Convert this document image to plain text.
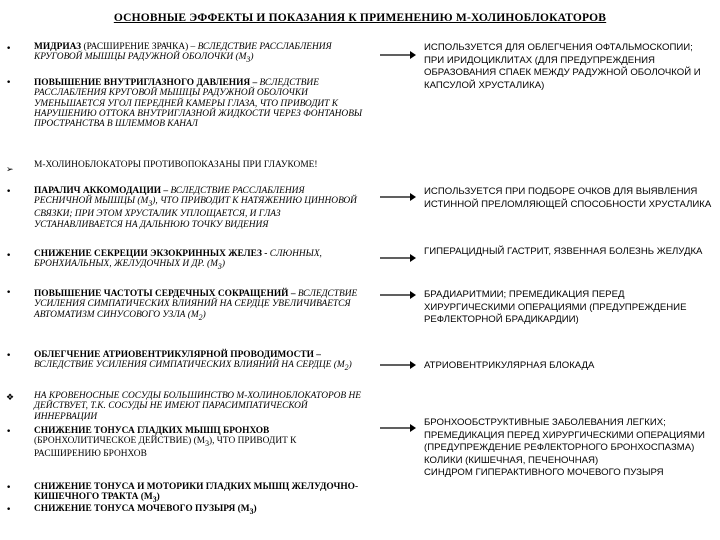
ОСНОВНЫЕ ЭФФЕКТЫ И ПОКАЗАНИЯ К ПРИМЕНЕНИЮ М-ХОЛИНОБЛОКАТОРОВ
•
•
➢
•
•
•
•
❖
•
•
•
МИДРИАЗ (РАСШИРЕНИЕ ЗРАЧКА) – ВСЛЕДСТВИЕ РАССЛАБЛЕНИЯ КРУГОВОЙ МЫШЦЫ РАДУЖНОЙ ОБОЛОЧКИ $(М_3)$
ПОВЫШЕНИЕ ВНУТРИГЛАЗНОГО ДАВЛЕНИЯ – ВСЛЕДСТВИЕ РАССЛАБЛЕНИЯ КРУГОВОЙ МЫШЦЫ РАДУЖНОЙ ОБОЛОЧКИ УМЕНЬШАЕТСЯ УГОЛ ПЕРЕДНЕЙ КАМЕРЫ ГЛАЗА, ЧТО ПРИВОДИТ К НАРУШЕНИЮ ОТТОКА ВНУТРИГЛАЗНОЙ ЖИДКОСТИ ЧЕРЕЗ ФОНТАНОВЫ ПРОСТРАНСТВА В ШЛЕММОВ КАНАЛ
М-ХОЛИНОБЛОКАТОРЫ ПРОТИВОПОКАЗАНЫ ПРИ ГЛАУКОМЕ!
ПАРАЛИЧ АККОМОДАЦИИ – ВСЛЕДСТВИЕ РАССЛАБЛЕНИЯ РЕСНИЧНОЙ МЫШЦЫ $(М_3)$, ЧТО ПРИВОДИТ К НАТЯЖЕНИЮ ЦИННОВОЙ СВЯЗКИ; ПРИ ЭТОМ ХРУСТАЛИК УПЛОЩАЕТСЯ, И ГЛАЗ УСТАНАВЛИВАЕТСЯ НА ДАЛЬНЮЮ ТОЧКУ ВИДЕНИЯ
СНИЖЕНИЕ СЕКРЕЦИИ ЭКЗОКРИННЫХ ЖЕЛЕЗ - СЛЮННЫХ, БРОНХИАЛЬНЫХ, ЖЕЛУДОЧНЫХ И ДР. $(М_3)$
ПОВЫШЕНИЕ ЧАСТОТЫ СЕРДЕЧНЫХ СОКРАЩЕНИЙ – ВСЛЕДСТВИЕ УСИЛЕНИЯ СИМПАТИЧЕСКИХ ВЛИЯНИЙ НА СЕРДЦЕ УВЕЛИЧИВАЕТСЯ АВТОМАТИЗМ СИНУСОВОГО УЗЛА $(М_2)$
ОБЛЕГЧЕНИЕ АТРИОВЕНТРИКУЛЯРНОЙ ПРОВОДИМОСТИ – ВСЛЕДСТВИЕ УСИЛЕНИЯ СИМПАТИЧЕСКИХ ВЛИЯНИЙ НА СЕРДЦЕ $(М_2)$
НА КРОВЕНОСНЫЕ СОСУДЫ БОЛЬШИНСТВО М-ХОЛИНОБЛОКАТОРОВ НЕ ДЕЙСТВУЕТ, Т.К. СОСУДЫ НЕ ИМЕЮТ ПАРАСИМПАТИЧЕСКОЙ ИННЕРВАЦИИ
СНИЖЕНИЕ ТОНУСА ГЛАДКИХ МЫШЦ БРОНХОВ (БРОНХОЛИТИЧЕСКОЕ ДЕЙСТВИЕ) $(М_3)$, ЧТО ПРИВОДИТ К РАСШИРЕНИЮ БРОНХОВ
СНИЖЕНИЕ ТОНУСА И МОТОРИКИ ГЛАДКИХ МЫШЦ ЖЕЛУДОЧНО-КИШЕЧНОГО ТРАКТА $(М_3)$
СНИЖЕНИЕ ТОНУСА МОЧЕВОГО ПУЗЫРЯ $(М_3)$
ИСПОЛЬЗУЕТСЯ ДЛЯ ОБЛЕГЧЕНИЯ ОФТАЛЬМОСКОПИИ;
ПРИ ИРИДОЦИКЛИТАХ (ДЛЯ ПРЕДУПРЕЖДЕНИЯ ОБРАЗОВАНИЯ СПАЕК МЕЖДУ РАДУЖНОЙ ОБОЛОЧКОЙ И КАПСУЛОЙ ХРУСТАЛИКА)
ИСПОЛЬЗУЕТСЯ ПРИ ПОДБОРЕ ОЧКОВ ДЛЯ ВЫЯВЛЕНИЯ ИСТИННОЙ ПРЕЛОМЛЯЮЩЕЙ СПОСОБНОСТИ ХРУСТАЛИКА
ГИПЕРАЦИДНЫЙ ГАСТРИТ, ЯЗВЕННАЯ БОЛЕЗНЬ ЖЕЛУДКА
БРАДИАРИТМИИ; ПРЕМЕДИКАЦИЯ ПЕРЕД ХИРУРГИЧЕСКИМИ ОПЕРАЦИЯМИ (ПРЕДУПРЕЖДЕНИЕ РЕФЛЕКТОРНОЙ БРАДИКАРДИИ)
АТРИОВЕНТРИКУЛЯРНАЯ БЛОКАДА
БРОНХООБСТРУКТИВНЫЕ ЗАБОЛЕВАНИЯ ЛЕГКИХ; ПРЕМЕДИКАЦИЯ ПЕРЕД ХИРУРГИЧЕСКИМИ ОПЕРАЦИЯМИ (ПРЕДУПРЕЖДЕНИЕ РЕФЛЕКТОРНОГО БРОНХОСПАЗМА)
КОЛИКИ (КИШЕЧНАЯ, ПЕЧЕНОЧНАЯ)
СИНДРОМ ГИПЕРАКТИВНОГО МОЧЕВОГО ПУЗЫРЯ
